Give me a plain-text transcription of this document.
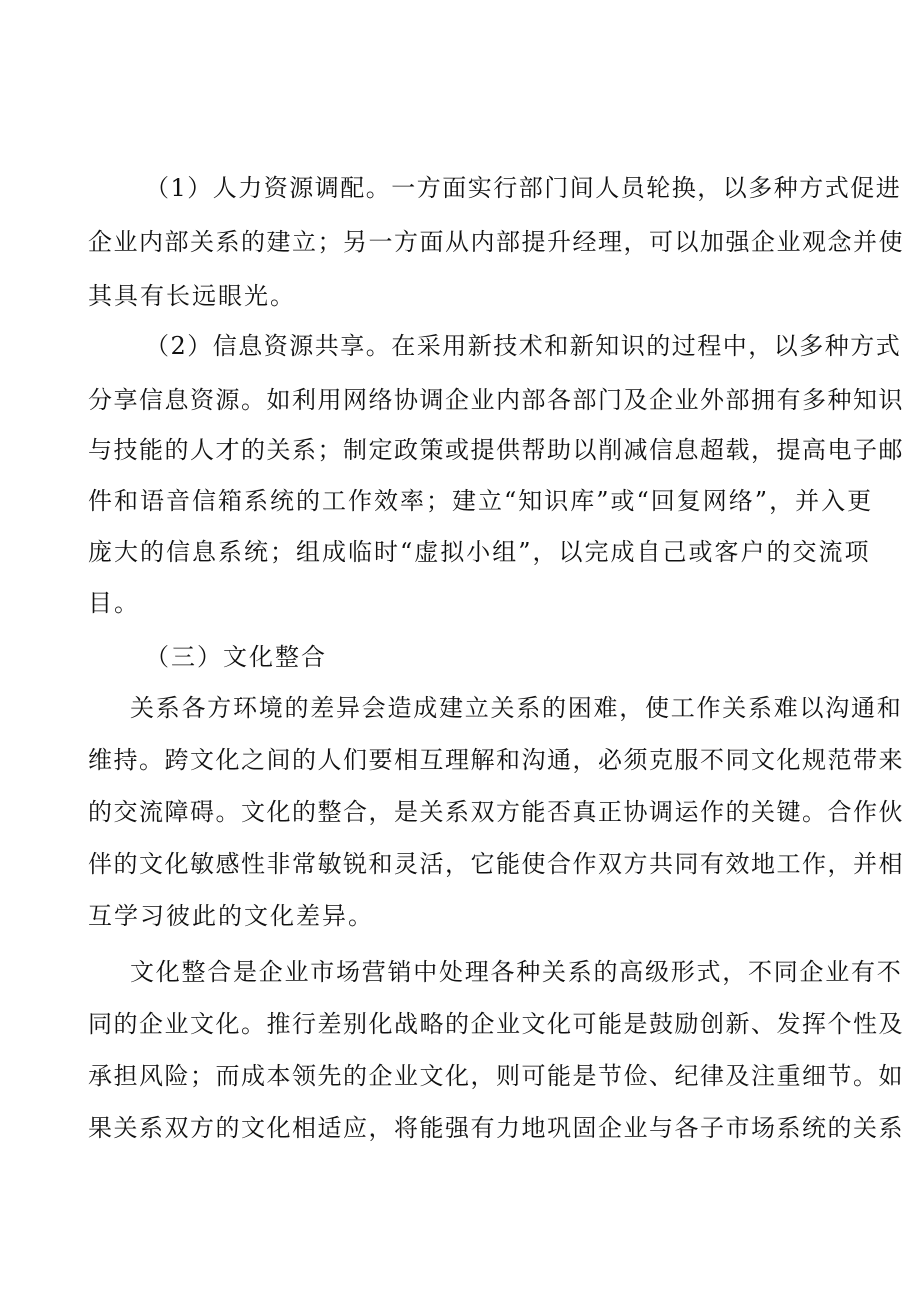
（1）人力资源调配。一方面实行部门间人员轮换，以多种方式促进
企业内部关系的建立；另一方面从内部提升经理，可以加强企业观念并使
其具有长远眼光。
（2）信息资源共享。在采用新技术和新知识的过程中，以多种方式
分享信息资源。如利用网络协调企业内部各部门及企业外部拥有多种知识
与技能的人才的关系；制定政策或提供帮助以削减信息超载，提高电子邮
件和语音信箱系统的工作效率；建立“知识库”或“回复网络”，并入更
庞大的信息系统；组成临时“虚拟小组”，以完成自己或客户的交流项
目。
（三）文化整合
关系各方环境的差异会造成建立关系的困难，使工作关系难以沟通和
维持。跨文化之间的人们要相互理解和沟通，必须克服不同文化规范带来
的交流障碍。文化的整合，是关系双方能否真正协调运作的关键。合作伙
伴的文化敏感性非常敏锐和灵活，它能使合作双方共同有效地工作，并相
互学习彼此的文化差异。
文化整合是企业市场营销中处理各种关系的高级形式，不同企业有不
同的企业文化。推行差别化战略的企业文化可能是鼓励创新、发挥个性及
承担风险；而成本领先的企业文化，则可能是节俭、纪律及注重细节。如
果关系双方的文化相适应，将能强有力地巩固企业与各子市场系统的关系
